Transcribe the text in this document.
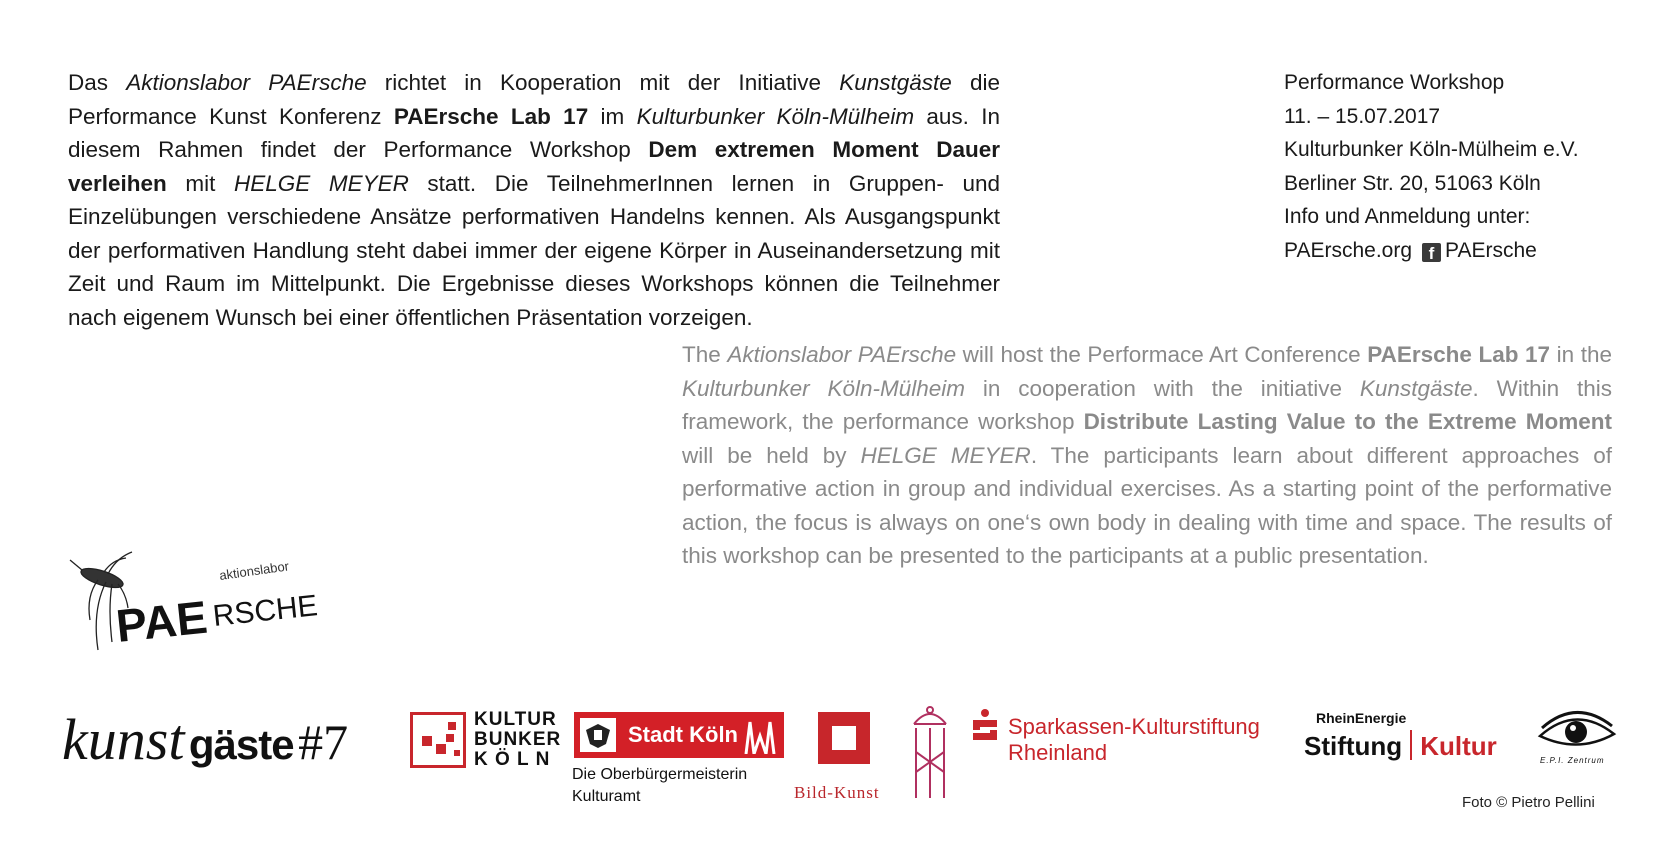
Das Aktionslabor PAErsche richtet in Kooperation mit der Initiative Kunstgäste die Performance Kunst Konferenz PAErsche Lab 17 im Kulturbunker Köln-Mülheim aus. In diesem Rahmen findet der Performance Workshop Dem extremen Moment Dauer verleihen mit HELGE MEYER statt. Die TeilnehmerInnen lernen in Gruppen- und Einzelübungen verschiedene Ansätze performativen Handelns kennen. Als Ausgangspunkt der performativen Handlung steht dabei immer der eigene Körper in Auseinandersetzung mit Zeit und Raum im Mittelpunkt. Die Ergebnisse dieses Workshops können die Teilnehmer nach eigenem Wunsch bei einer öffentlichen Präsentation vorzeigen.

The Aktionslabor PAErsche will host the Performace Art Conference PAErsche Lab 17 in the Kulturbunker Köln-Mülheim in cooperation with the initiative Kunstgäste. Within this framework, the performance workshop Distribute Lasting Value to the Extreme Moment will be held by HELGE MEYER. The participants learn about different approaches of performative action in group and individual exercises. As a starting point of the performative action, the focus is always on one‘s own body in dealing with time and space. The results of this workshop can be presented to the participants at a public presentation.

Performance Workshop
11. – 15.07.2017
Kulturbunker Köln-Mülheim e.V.
Berliner Str. 20, 51063 Köln
Info und Anmeldung unter:
PAErsche.org f PAErsche
aktionslabor
PAE RSCHE
kunst gäste #7	KULTUR
BUNKER
K Ö L N
Stadt Köln
Die Oberbürgermeisterin
Kulturamt	Bild-Kunst
Sparkassen-Kulturstiftung
Rheinland
RheinEnergie
Stiftung Kultur	E.P.I. Zentrum
Foto © Pietro Pellini
